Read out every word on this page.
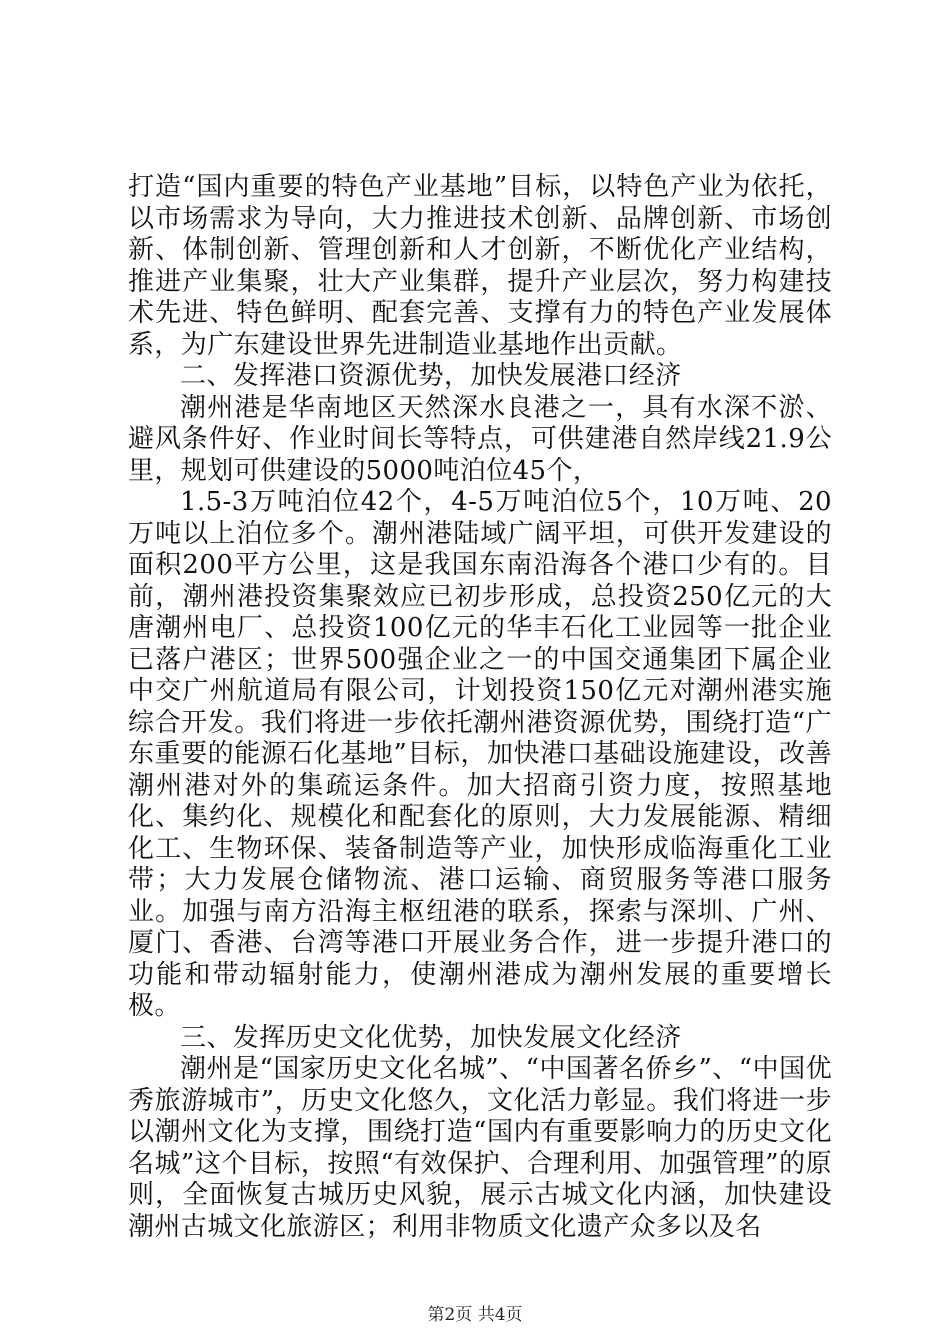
打造“国内重要的特色产业基地”目标，以特色产业为依托，以市场需求为导向，大力推进技术创新、品牌创新、市场创新、体制创新、管理创新和人才创新，不断优化产业结构，推进产业集聚，壮大产业集群，提升产业层次，努力构建技术先进、特色鲜明、配套完善、支撑有力的特色产业发展体系，为广东建设世界先进制造业基地作出贡献。

二、发挥港口资源优势，加快发展港口经济

潮州港是华南地区天然深水良港之一，具有水深不淤、避风条件好、作业时间长等特点，可供建港自然岸线21.9公里，规划可供建设的5000吨泊位45个，

1.5-3万吨泊位42个，4-5万吨泊位5个，10万吨、20万吨以上泊位多个。潮州港陆域广阔平坦，可供开发建设的面积200平方公里，这是我国东南沿海各个港口少有的。目前，潮州港投资集聚效应已初步形成，总投资250亿元的大唐潮州电厂、总投资100亿元的华丰石化工业园等一批企业已落户港区；世界500强企业之一的中国交通集团下属企业中交广州航道局有限公司，计划投资150亿元对潮州港实施综合开发。我们将进一步依托潮州港资源优势，围绕打造“广东重要的能源石化基地”目标，加快港口基础设施建设，改善潮州港对外的集疏运条件。加大招商引资力度，按照基地化、集约化、规模化和配套化的原则，大力发展能源、精细化工、生物环保、装备制造等产业，加快形成临海重化工业带；大力发展仓储物流、港口运输、商贸服务等港口服务业。加强与南方沿海主枢纽港的联系，探索与深圳、广州、厦门、香港、台湾等港口开展业务合作，进一步提升港口的功能和带动辐射能力，使潮州港成为潮州发展的重要增长极。

三、发挥历史文化优势，加快发展文化经济

潮州是“国家历史文化名城”、“中国著名侨乡”、“中国优秀旅游城市”，历史文化悠久，文化活力彰显。我们将进一步以潮州文化为支撑，围绕打造“国内有重要影响力的历史文化名城”这个目标，按照“有效保护、合理利用、加强管理”的原则，全面恢复古城历史风貌，展示古城文化内涵，加快建设潮州古城文化旅游区；利用非物质文化遗产众多以及名

第2页 共4页
